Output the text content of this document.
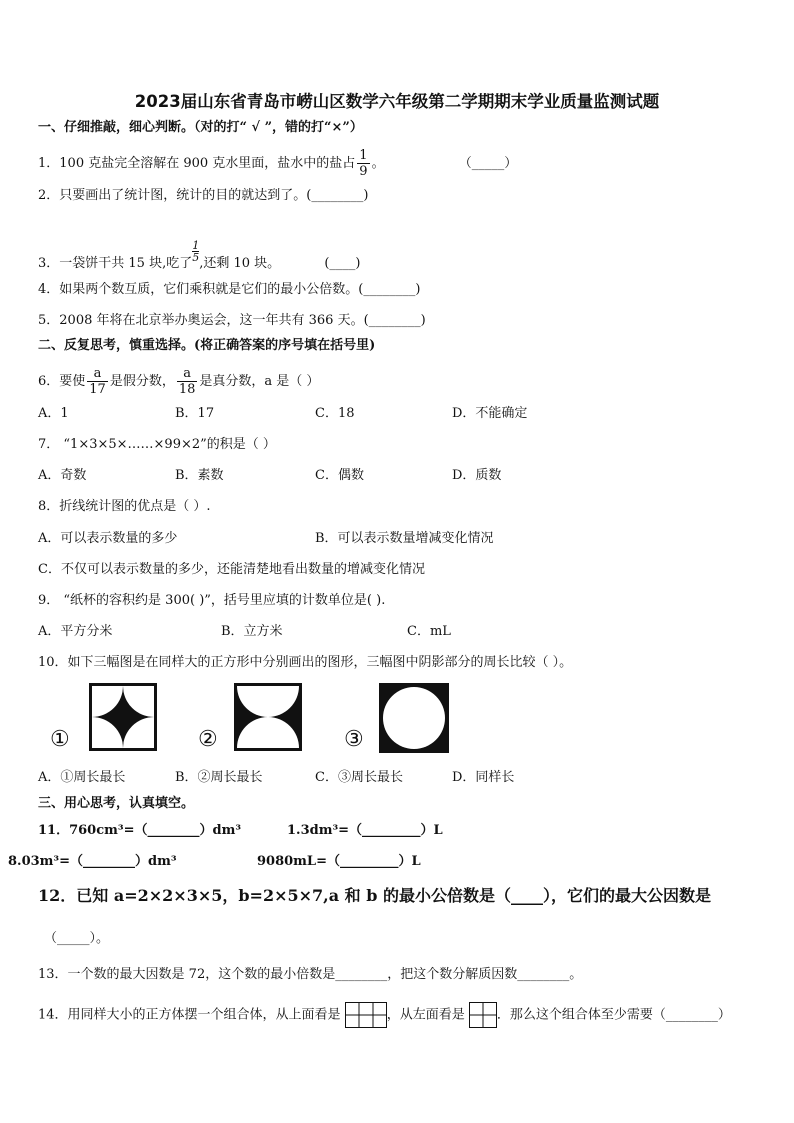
2023届山东省青岛市崂山区数学六年级第二学期期末学业质量监测试题
一、仔细推敲，细心判断。（对的打“ √ ”，错的打“×”）
1．100 克盐完全溶解在 900 克水里面，盐水中的盐占 $\frac{1}{9}$ 。	（_____）
2．只要画出了统计图，统计的目的就达到了。(________)
3．一袋饼干共 15 块,吃了
$\frac{1}{5}$
,还剩 10 块。	(____)
4．如果两个数互质，它们乘积就是它们的最小公倍数。(________)
5．2008 年将在北京举办奥运会，这一年共有 366 天。(________)
二、反复思考，慎重选择。(将正确答案的序号填在括号里)
6．要使 $\frac{a}{17}$ 是假分数， $\frac{a}{18}$ 是真分数，a 是（ ）
A．1	B．17	C．18	D．不能确定
7． “1×3×5×……×99×2”的积是（ ）
A．奇数	B．素数	C．偶数	D．质数
8．折线统计图的优点是（ ）.
A．可以表示数量的多少	B．可以表示数量增减变化情况
C．不仅可以表示数量的多少，还能清楚地看出数量的增减变化情况
9． “纸杯的容积约是 300( )”，括号里应填的计数单位是( ).
A．平方分米	B．立方米	C．mL
10．如下三幅图是在同样大的正方形中分别画出的图形，三幅图中阴影部分的周长比较（ ）。
①	②	③
A．①周长最长	B．②周长最长	C．③周长最长	D．同样长
三、用心思考，认真填空。
11．760cm³=（________）dm³	1.3dm³=（_________）L
8.03m³=（________）dm³	9080mL=（_________）L
12．已知 a=2×2×3×5，b=2×5×7,a 和 b 的最小公倍数是（____），它们的最大公因数是
（_____）。
13．一个数的最大因数是 72，这个数的最小倍数是________，把这个数分解质因数________。
14．用同样大小的正方体摆一个组合体，从上面看是	，从左面看是 ．那么这个组合体至少需要（________）
